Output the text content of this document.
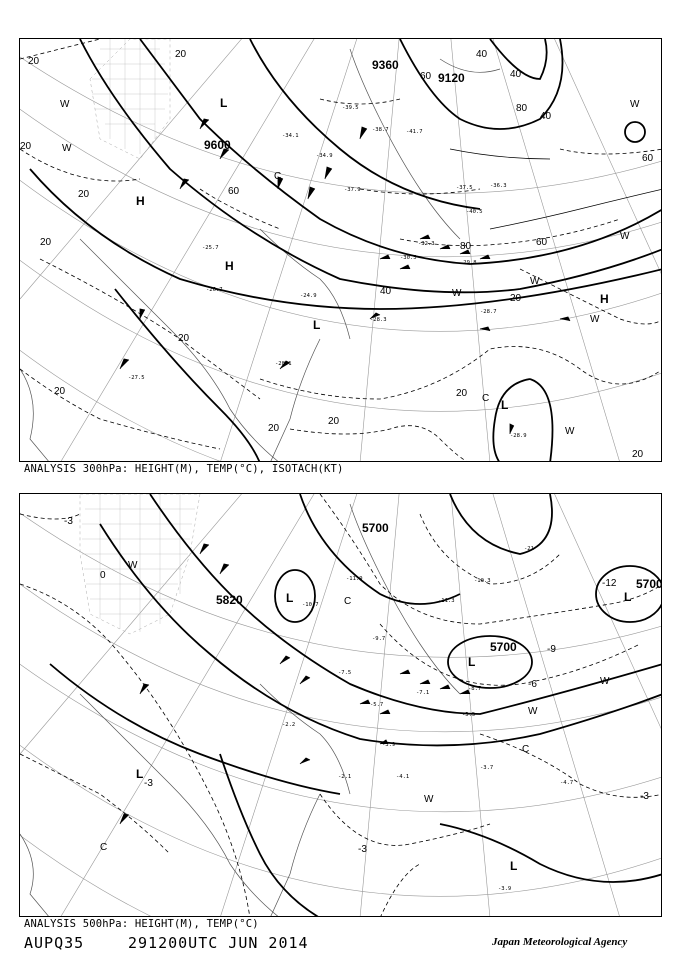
9360
9120
9600
20
20
20
20
20
20
20
20
20
20
20
20
40
40
40
40
60
60
60
60
80
80
H
H
H
L
L
L
C
C
W
W
W
W
W
W
W
W
-34.1
-34.9
-37.9
-39.5
-41.7
-38.7
-37.5
-24.9
-25.7
-26.7
-28.1
-28.3
-28.7
-28.9
-27.5
-40.5
-36.3
-32.3
-30.5
-29.8
ANALYSIS 300hPa: HEIGHT(M), TEMP(°C), ISOTACH(KT)
5700
5820
5700
5700
-3
0
-12
-6
-9
-3
-3
-3
L	L
L
L
L
C
C
C
W
W
W
W
-11.9
-10.7
-9.7
-7.5
-3.9
-4.1
-3.7
-4.7
-3.9
-2.2
-2.1
-5.5
-7.1
-5.7
-8.7
-10.3
-11.3
-21
ANALYSIS 500hPa: HEIGHT(M), TEMP(°C)
AUPQ35	291200UTC JUN 2014	Japan Meteorological Agency
